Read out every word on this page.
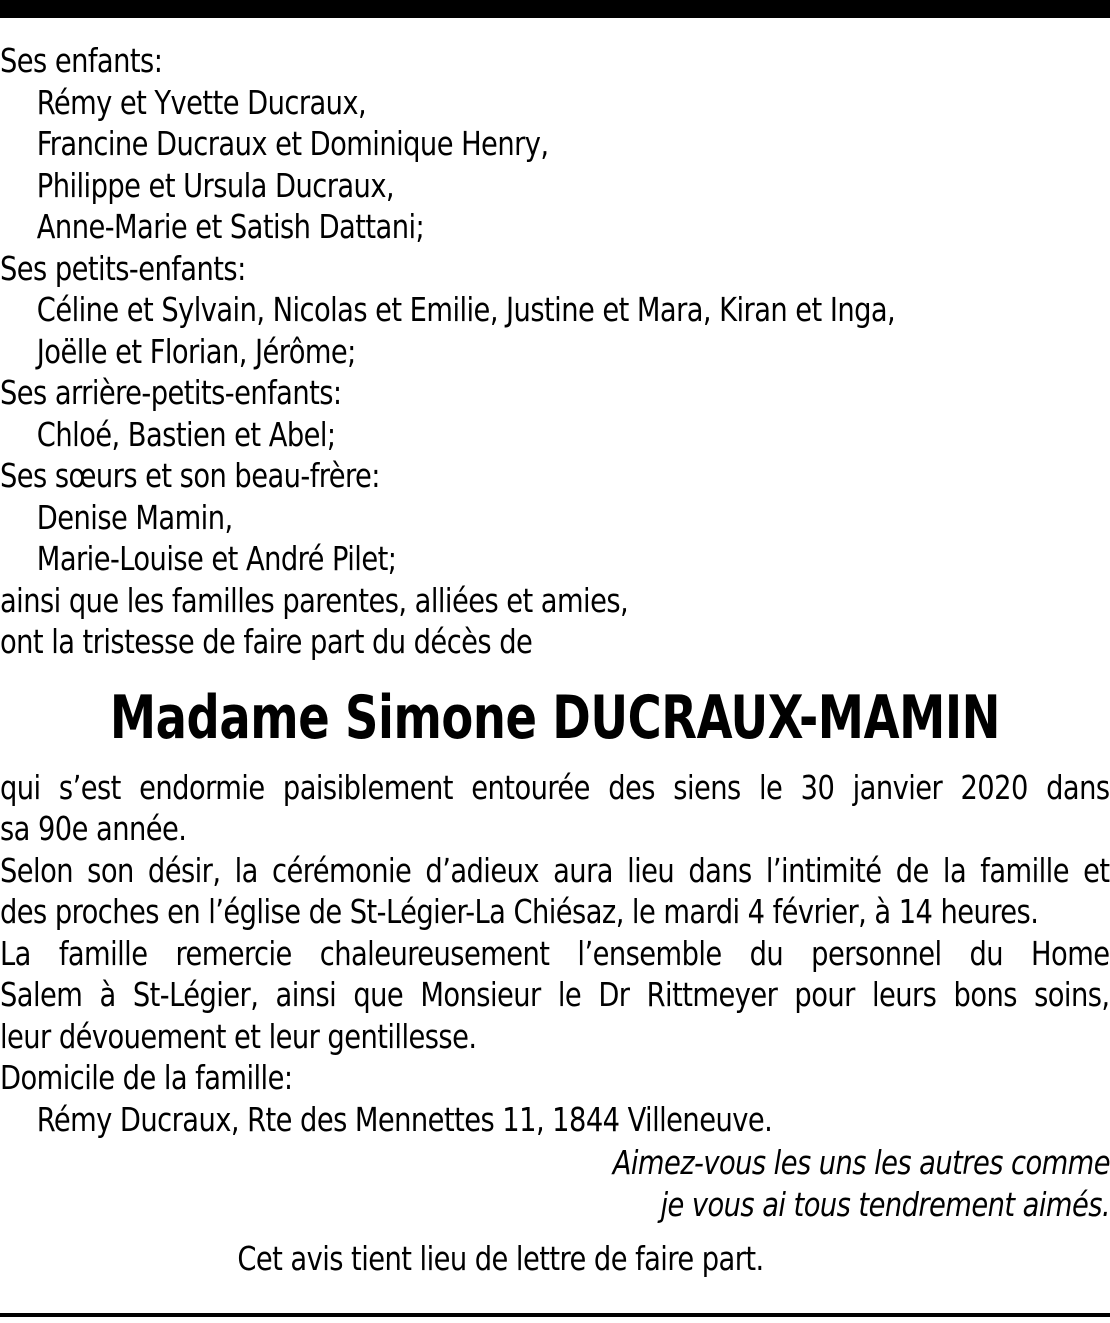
Ses enfants:
Rémy et Yvette Ducraux,
Francine Ducraux et Dominique Henry,
Philippe et Ursula Ducraux,
Anne-Marie et Satish Dattani;
Ses petits-enfants:
Céline et Sylvain, Nicolas et Emilie, Justine et Mara, Kiran et Inga,
Joëlle et Florian, Jérôme;
Ses arrière-petits-enfants:
Chloé, Bastien et Abel;
Ses sœurs et son beau-frère:
Denise Mamin,
Marie-Louise et André Pilet;
ainsi que les familles parentes, alliées et amies,
ont la tristesse de faire part du décès de
Madame Simone DUCRAUX-MAMIN
qui s’est endormie paisiblement entourée des siens le 30 janvier 2020 dans
sa 90e année.
Selon son désir, la cérémonie d’adieux aura lieu dans l’intimité de la famille et
des proches en l’église de St-Légier-La Chiésaz, le mardi 4 février, à 14 heures.
La famille remercie chaleureusement l’ensemble du personnel du Home
Salem à St-Légier, ainsi que Monsieur le Dr Rittmeyer pour leurs bons soins,
leur dévouement et leur gentillesse.
Domicile de la famille:
Rémy Ducraux, Rte des Mennettes 11, 1844 Villeneuve.
Aimez-vous les uns les autres comme
je vous ai tous tendrement aimés.
Cet avis tient lieu de lettre de faire part.
